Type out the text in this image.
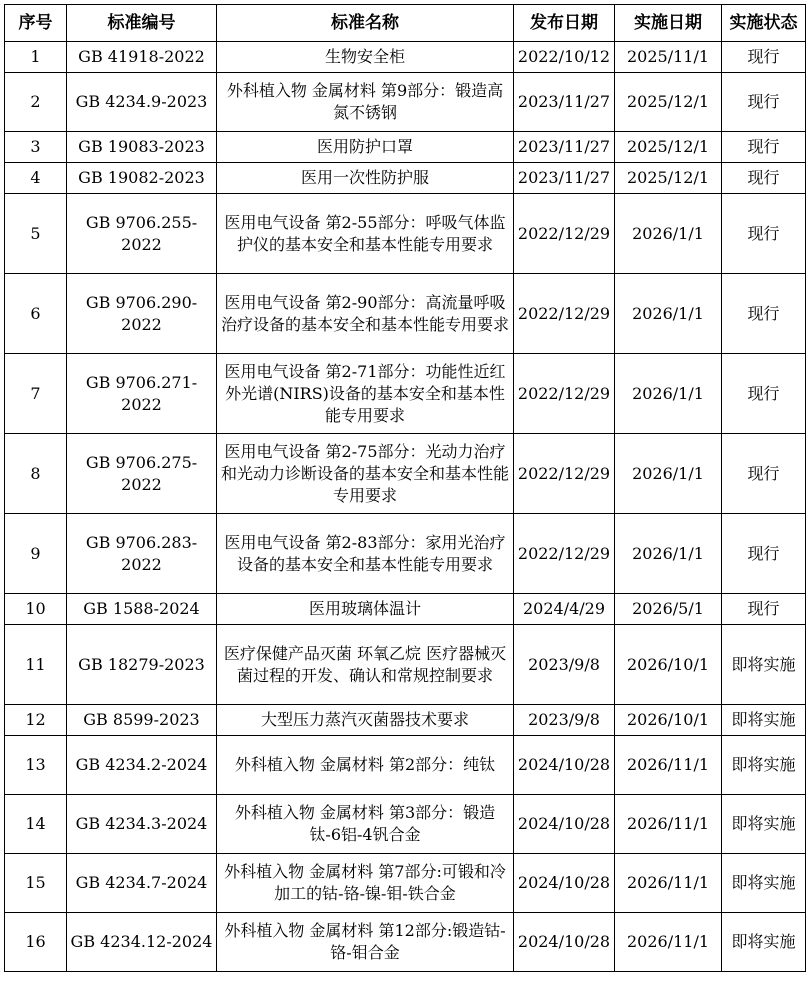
序号	标准编号	标准名称	发布日期	实施日期	实施状态
1	GB 41918-2022	生物安全柜	2022/10/12	2025/11/1	现行
2	GB 4234.9-2023	外科植入物 金属材料 第9部分：锻造高氮不锈钢	2023/11/27	2025/12/1	现行
3	GB 19083-2023	医用防护口罩	2023/11/27	2025/12/1	现行
4	GB 19082-2023	医用一次性防护服	2023/11/27	2025/12/1	现行
5	GB 9706.255-2022	医用电气设备 第2-55部分：呼吸气体监护仪的基本安全和基本性能专用要求	2022/12/29	2026/1/1	现行
6	GB 9706.290-2022	医用电气设备 第2-90部分：高流量呼吸治疗设备的基本安全和基本性能专用要求	2022/12/29	2026/1/1	现行
7	GB 9706.271-2022	医用电气设备 第2-71部分：功能性近红外光谱(NIRS)设备的基本安全和基本性能专用要求	2022/12/29	2026/1/1	现行
8	GB 9706.275-2022	医用电气设备 第2-75部分：光动力治疗和光动力诊断设备的基本安全和基本性能专用要求	2022/12/29	2026/1/1	现行
9	GB 9706.283-2022	医用电气设备 第2-83部分：家用光治疗设备的基本安全和基本性能专用要求	2022/12/29	2026/1/1	现行
10	GB 1588-2024	医用玻璃体温计	2024/4/29	2026/5/1	现行
11	GB 18279-2023	医疗保健产品灭菌 环氧乙烷 医疗器械灭菌过程的开发、确认和常规控制要求	2023/9/8	2026/10/1	即将实施
12	GB 8599-2023	大型压力蒸汽灭菌器技术要求	2023/9/8	2026/10/1	即将实施
13	GB 4234.2-2024	外科植入物 金属材料 第2部分：纯钛	2024/10/28	2026/11/1	即将实施
14	GB 4234.3-2024	外科植入物 金属材料 第3部分：锻造钛-6铝-4钒合金	2024/10/28	2026/11/1	即将实施
15	GB 4234.7-2024	外科植入物 金属材料 第7部分:可锻和冷加工的钴-铬-镍-钼-铁合金	2024/10/28	2026/11/1	即将实施
16	GB 4234.12-2024	外科植入物 金属材料 第12部分:锻造钴-铬-钼合金	2024/10/28	2026/11/1	即将实施
